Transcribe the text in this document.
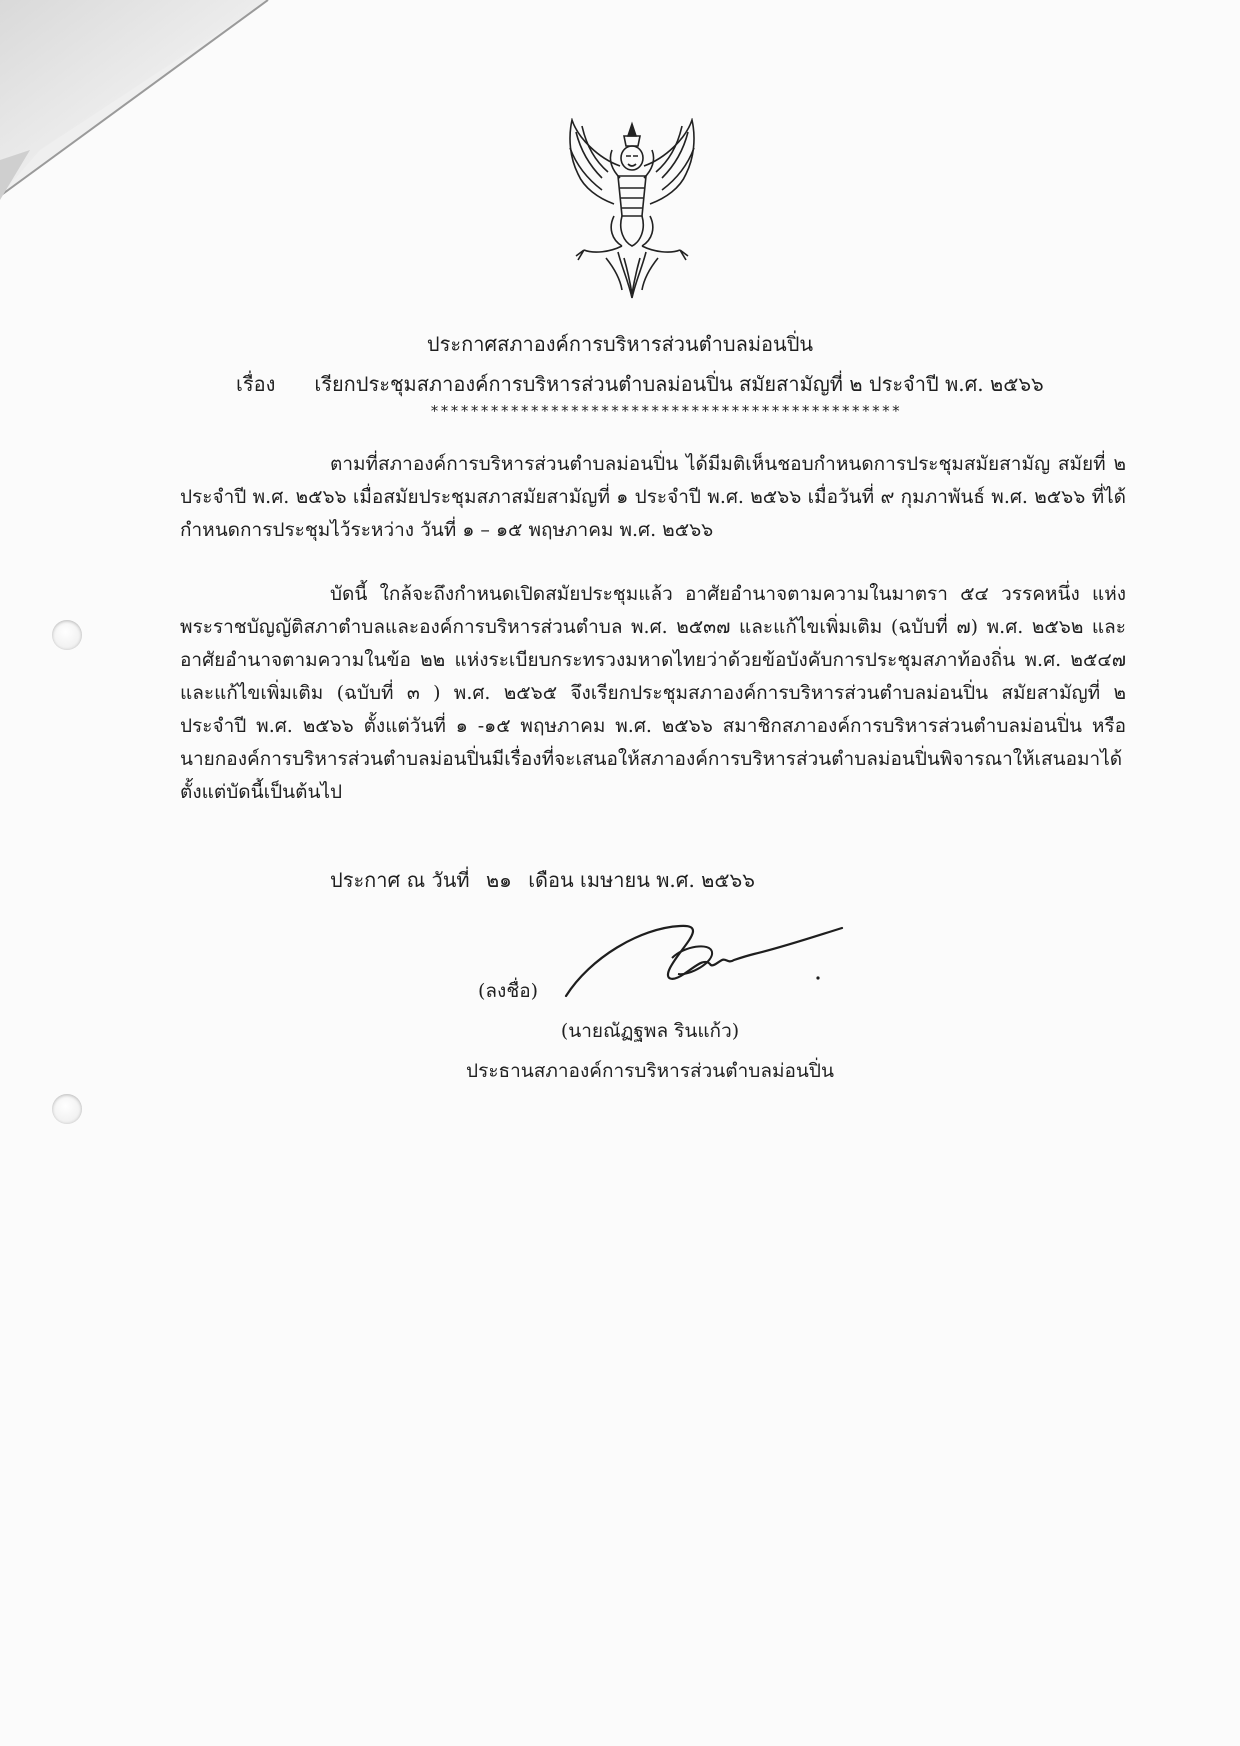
ประกาศสภาองค์การบริหารส่วนตำบลม่อนปิ่น
เรื่อง เรียกประชุมสภาองค์การบริหารส่วนตำบลม่อนปิ่น สมัยสามัญที่ ๒ ประจำปี พ.ศ. ๒๕๖๖
***********************************************
ตามที่สภาองค์การบริหารส่วนตำบลม่อนปิ่น ได้มีมติเห็นชอบกำหนดการประชุมสมัยสามัญ สมัยที่ ๒ ประจำปี พ.ศ. ๒๕๖๖ เมื่อสมัยประชุมสภาสมัยสามัญที่ ๑ ประจำปี พ.ศ. ๒๕๖๖ เมื่อวันที่ ๙ กุมภาพันธ์ พ.ศ. ๒๕๖๖ ที่ได้กำหนดการประชุมไว้ระหว่าง วันที่ ๑ – ๑๕ พฤษภาคม พ.ศ. ๒๕๖๖
บัดนี้ ใกล้จะถึงกำหนดเปิดสมัยประชุมแล้ว อาศัยอำนาจตามความในมาตรา ๕๔ วรรคหนึ่ง แห่งพระราชบัญญัติสภาตำบลและองค์การบริหารส่วนตำบล พ.ศ. ๒๕๓๗ และแก้ไขเพิ่มเติม (ฉบับที่ ๗) พ.ศ. ๒๕๖๒ และอาศัยอำนาจตามความในข้อ ๒๒ แห่งระเบียบกระทรวงมหาดไทยว่าด้วยข้อบังคับการประชุมสภาท้องถิ่น พ.ศ. ๒๕๔๗ และแก้ไขเพิ่มเติม (ฉบับที่ ๓ ) พ.ศ. ๒๕๖๕ จึงเรียกประชุมสภาองค์การบริหารส่วนตำบลม่อนปิ่น สมัยสามัญที่ ๒ ประจำปี พ.ศ. ๒๕๖๖ ตั้งแต่วันที่ ๑ -๑๕ พฤษภาคม พ.ศ. ๒๕๖๖ สมาชิกสภาองค์การบริหารส่วนตำบลม่อนปิ่น หรือนายกองค์การบริหารส่วนตำบลม่อนปิ่นมีเรื่องที่จะเสนอให้สภาองค์การบริหารส่วนตำบลม่อนปิ่นพิจารณาให้เสนอมาได้ตั้งแต่บัดนี้เป็นต้นไป
ประกาศ ณ วันที่ ๒๑ เดือน เมษายน พ.ศ. ๒๕๖๖
(ลงชื่อ)
(นายณัฏฐพล รินแก้ว)
ประธานสภาองค์การบริหารส่วนตำบลม่อนปิ่น
